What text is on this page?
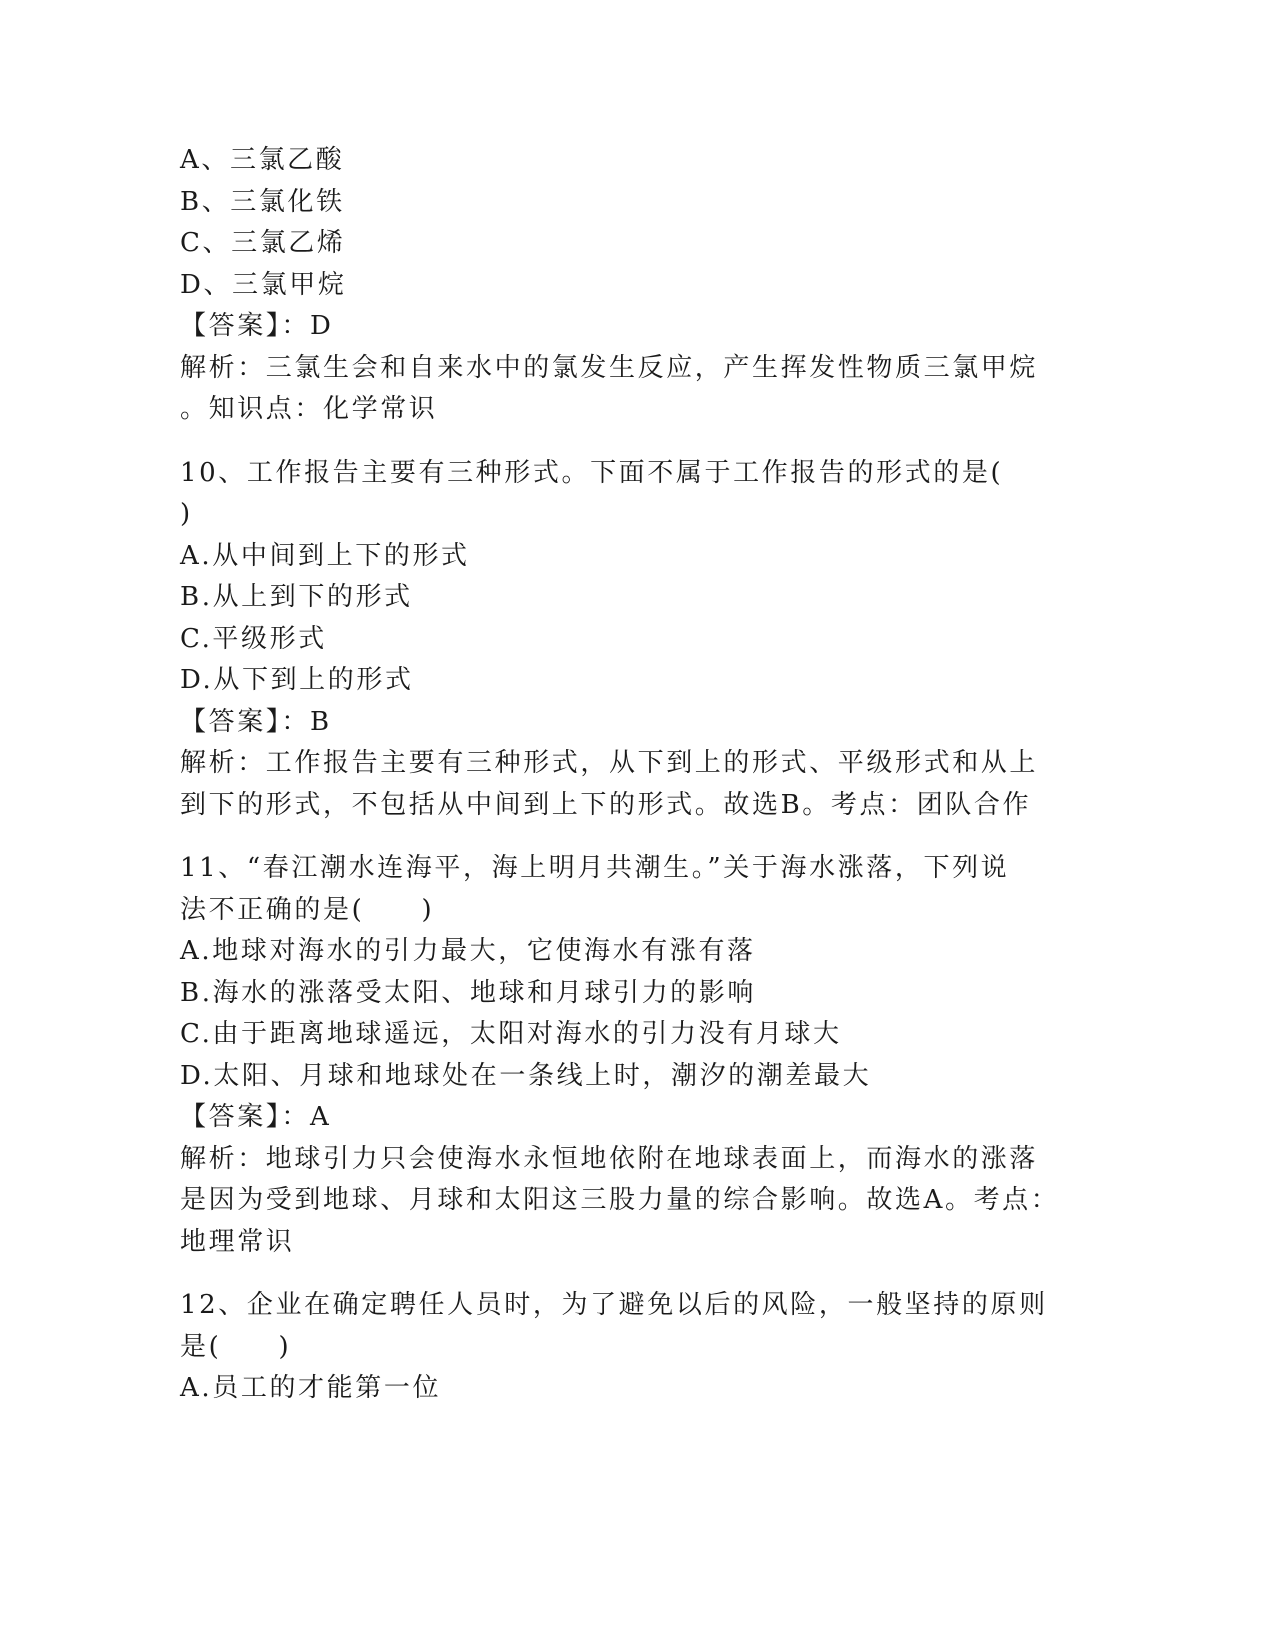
A、三氯乙酸
B、三氯化铁
C、三氯乙烯
D、三氯甲烷
【答案】：D
解析：三氯生会和自来水中的氯发生反应，产生挥发性物质三氯甲烷
。知识点：化学常识
10、工作报告主要有三种形式。下面不属于工作报告的形式的是(
)
A.从中间到上下的形式
B.从上到下的形式
C.平级形式
D.从下到上的形式
【答案】：B
解析：工作报告主要有三种形式，从下到上的形式、平级形式和从上
到下的形式，不包括从中间到上下的形式。故选B。考点：团队合作
11、“春江潮水连海平，海上明月共潮生。”关于海水涨落，下列说
法不正确的是(　　)
A.地球对海水的引力最大，它使海水有涨有落
B.海水的涨落受太阳、地球和月球引力的影响
C.由于距离地球遥远，太阳对海水的引力没有月球大
D.太阳、月球和地球处在一条线上时，潮汐的潮差最大
【答案】：A
解析：地球引力只会使海水永恒地依附在地球表面上，而海水的涨落
是因为受到地球、月球和太阳这三股力量的综合影响。故选A。考点：
地理常识
12、企业在确定聘任人员时，为了避免以后的风险，一般坚持的原则
是(　　)
A.员工的才能第一位
